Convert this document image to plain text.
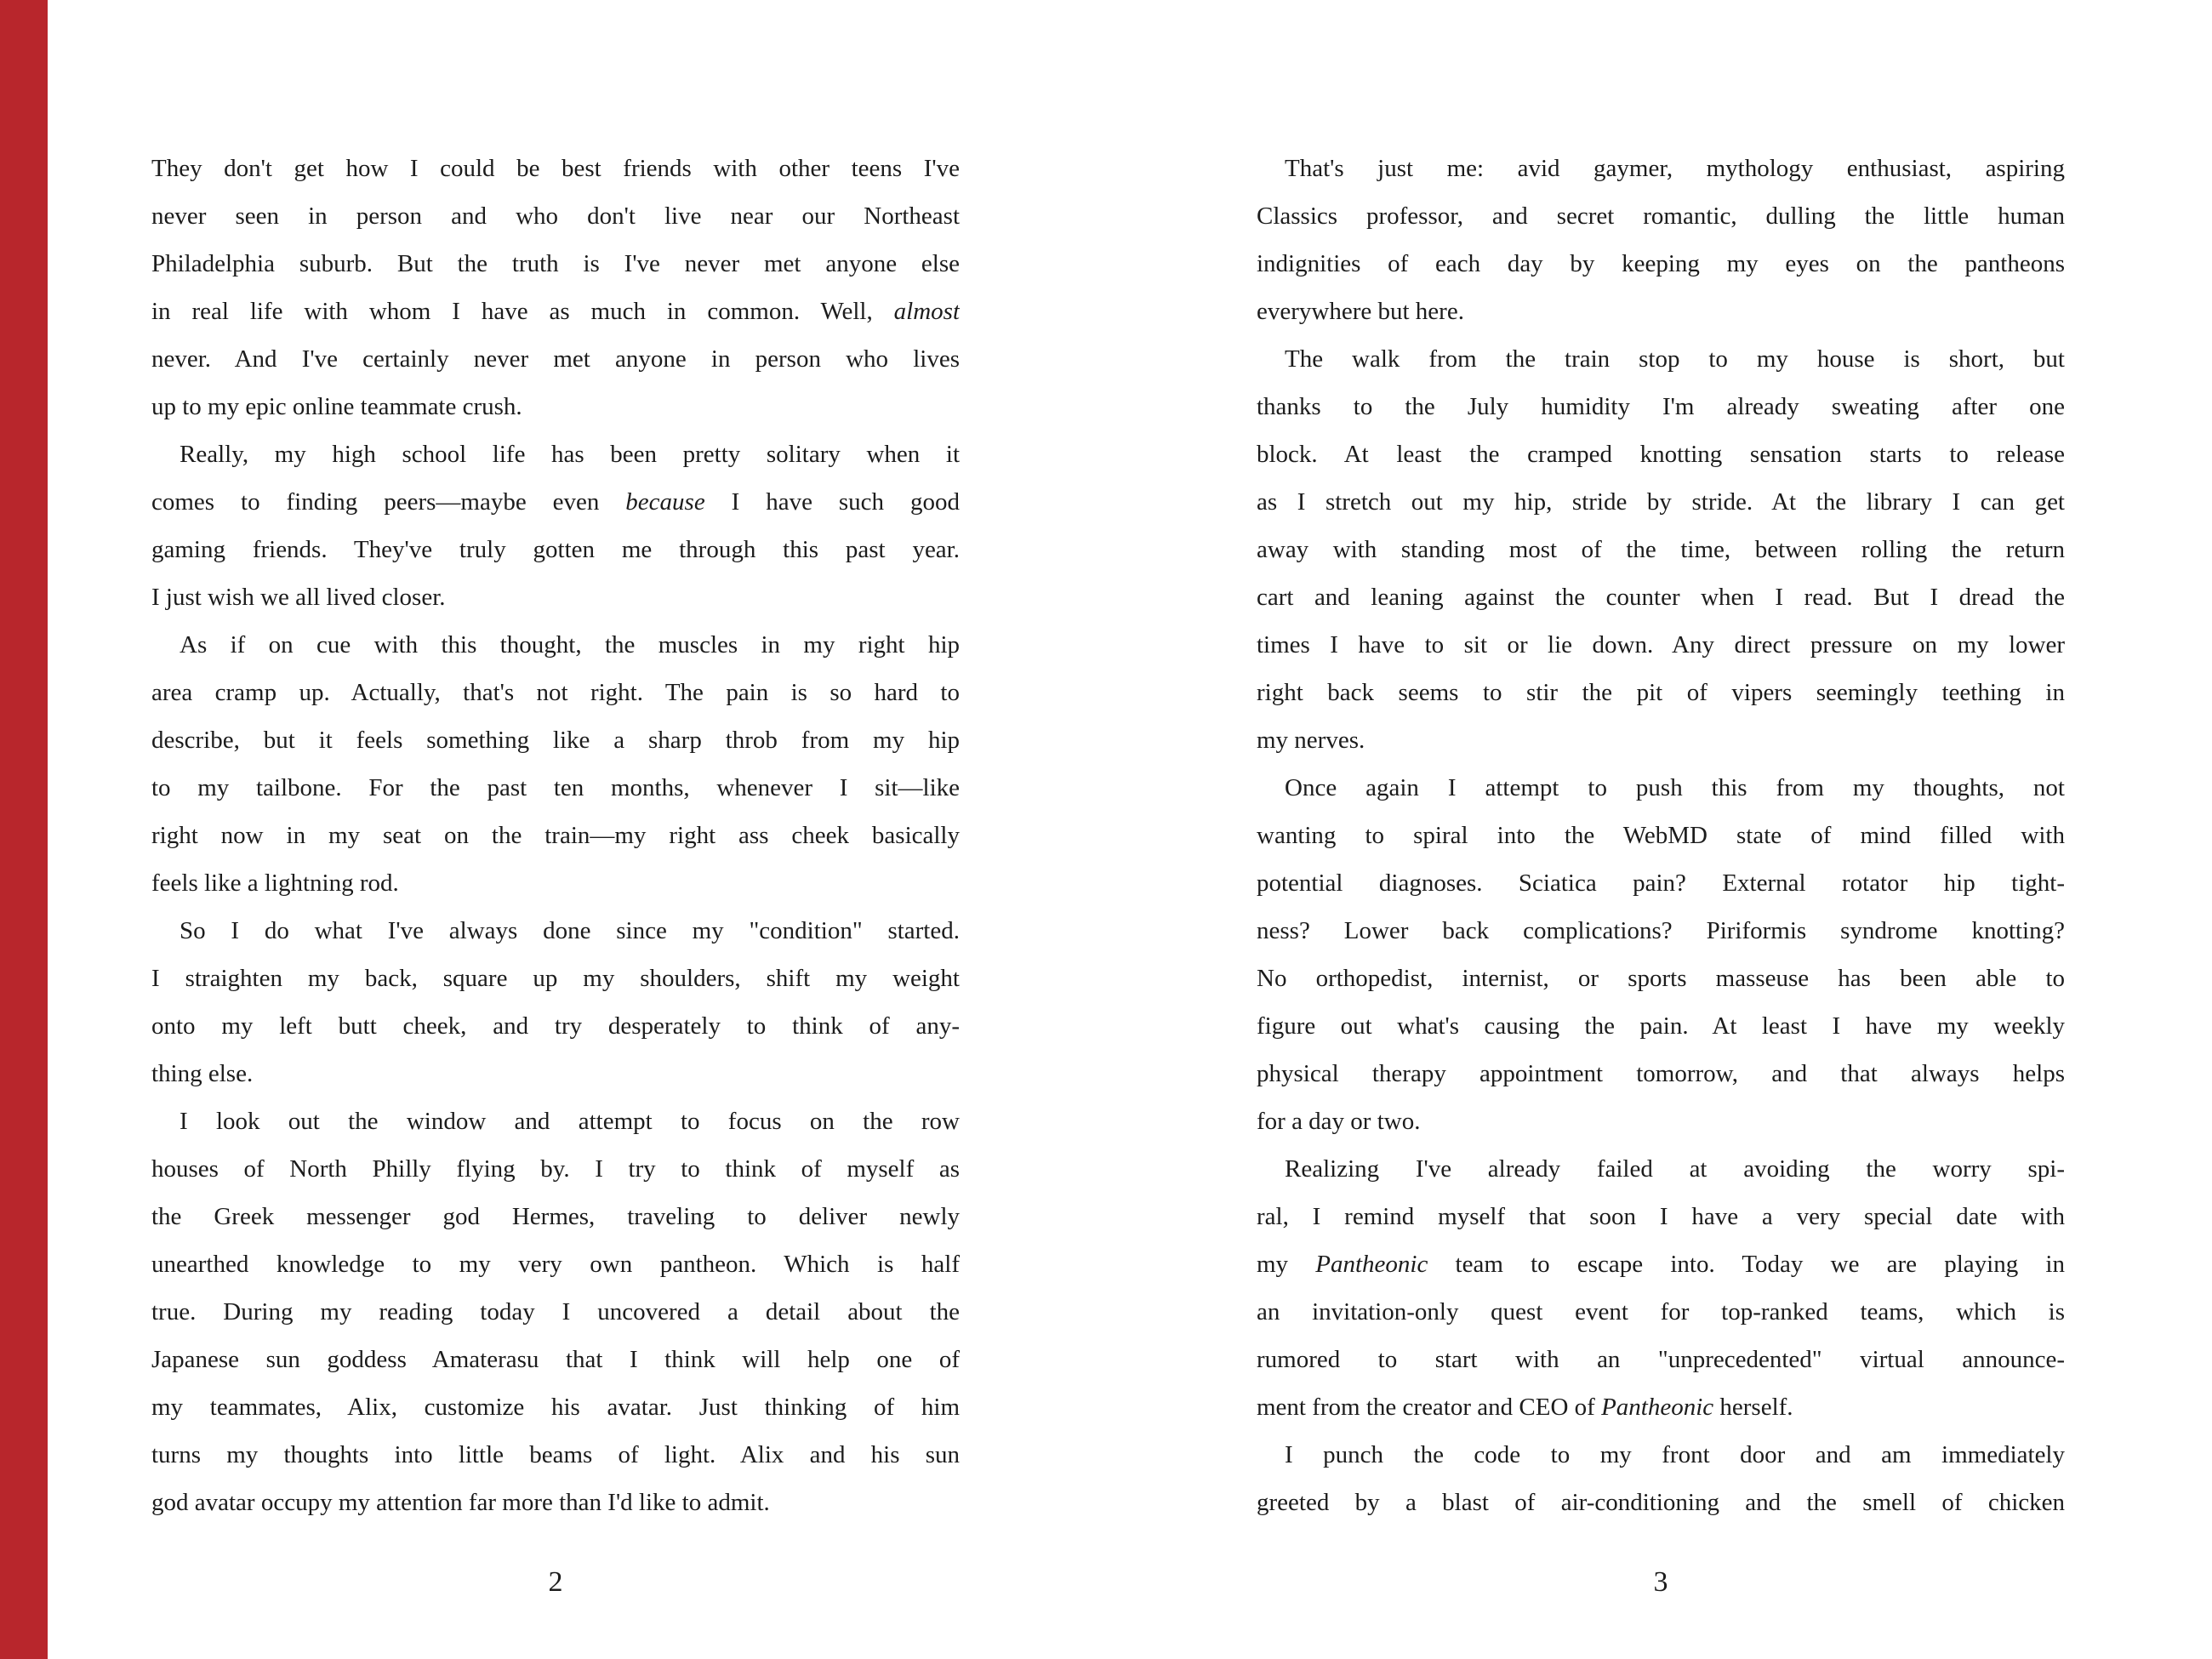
They don't get how I could be best friends with other teens I've
never seen in person and who don't live near our Northeast
Philadelphia suburb. But the truth is I've never met anyone else
in real life with whom I have as much in common. Well, almost
never. And I've certainly never met anyone in person who lives
up to my epic online teammate crush.
Really, my high school life has been pretty solitary when it
comes to finding peers—maybe even because I have such good
gaming friends. They've truly gotten me through this past year.
I just wish we all lived closer.
As if on cue with this thought, the muscles in my right hip
area cramp up. Actually, that's not right. The pain is so hard to
describe, but it feels something like a sharp throb from my hip
to my tailbone. For the past ten months, whenever I sit—like
right now in my seat on the train—my right ass cheek basically
feels like a lightning rod.
So I do what I've always done since my "condition" started.
I straighten my back, square up my shoulders, shift my weight
onto my left butt cheek, and try desperately to think of any-
thing else.
I look out the window and attempt to focus on the row
houses of North Philly flying by. I try to think of myself as
the Greek messenger god Hermes, traveling to deliver newly
unearthed knowledge to my very own pantheon. Which is half
true. During my reading today I uncovered a detail about the
Japanese sun goddess Amaterasu that I think will help one of
my teammates, Alix, customize his avatar. Just thinking of him
turns my thoughts into little beams of light. Alix and his sun
god avatar occupy my attention far more than I'd like to admit.
That's just me: avid gaymer, mythology enthusiast, aspiring
Classics professor, and secret romantic, dulling the little human
indignities of each day by keeping my eyes on the pantheons
everywhere but here.
The walk from the train stop to my house is short, but
thanks to the July humidity I'm already sweating after one
block. At least the cramped knotting sensation starts to release
as I stretch out my hip, stride by stride. At the library I can get
away with standing most of the time, between rolling the return
cart and leaning against the counter when I read. But I dread the
times I have to sit or lie down. Any direct pressure on my lower
right back seems to stir the pit of vipers seemingly teething in
my nerves.
Once again I attempt to push this from my thoughts, not
wanting to spiral into the WebMD state of mind filled with
potential diagnoses. Sciatica pain? External rotator hip tight-
ness? Lower back complications? Piriformis syndrome knotting?
No orthopedist, internist, or sports masseuse has been able to
figure out what's causing the pain. At least I have my weekly
physical therapy appointment tomorrow, and that always helps
for a day or two.
Realizing I've already failed at avoiding the worry spi-
ral, I remind myself that soon I have a very special date with
my Pantheonic team to escape into. Today we are playing in
an invitation-only quest event for top-ranked teams, which is
rumored to start with an "unprecedented" virtual announce-
ment from the creator and CEO of Pantheonic herself.
I punch the code to my front door and am immediately
greeted by a blast of air-conditioning and the smell of chicken
2	3
